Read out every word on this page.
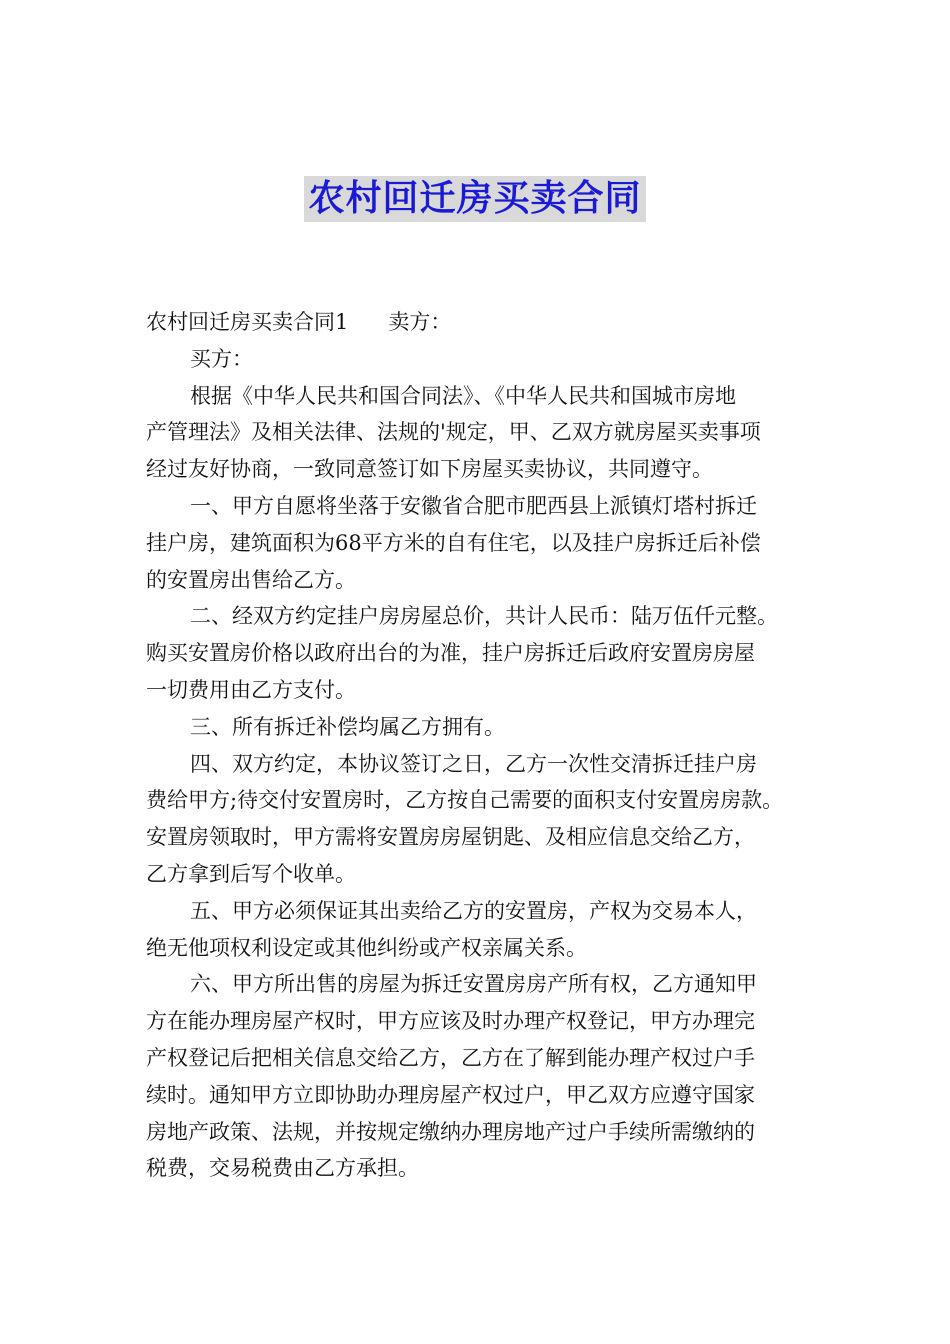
农村回迁房买卖合同
农村回迁房买卖合同1 卖方：
买方：
根据《中华人民共和国合同法》、《中华人民共和国城市房地
产管理法》及相关法律、法规的'规定，甲、乙双方就房屋买卖事项
经过友好协商，一致同意签订如下房屋买卖协议，共同遵守。
一、甲方自愿将坐落于安徽省合肥市肥西县上派镇灯塔村拆迁
挂户房，建筑面积为68平方米的自有住宅，以及挂户房拆迁后补偿
的安置房出售给乙方。
二、经双方约定挂户房房屋总价，共计人民币：陆万伍仟元整。
购买安置房价格以政府出台的为准，挂户房拆迁后政府安置房房屋
一切费用由乙方支付。
三、所有拆迁补偿均属乙方拥有。
四、双方约定，本协议签订之日，乙方一次性交清拆迁挂户房
费给甲方;待交付安置房时，乙方按自己需要的面积支付安置房房款。
安置房领取时，甲方需将安置房房屋钥匙、及相应信息交给乙方，
乙方拿到后写个收单。
五、甲方必须保证其出卖给乙方的安置房，产权为交易本人，
绝无他项权利设定或其他纠纷或产权亲属关系。
六、甲方所出售的房屋为拆迁安置房房产所有权，乙方通知甲
方在能办理房屋产权时，甲方应该及时办理产权登记，甲方办理完
产权登记后把相关信息交给乙方，乙方在了解到能办理产权过户手
续时。通知甲方立即协助办理房屋产权过户，甲乙双方应遵守国家
房地产政策、法规，并按规定缴纳办理房地产过户手续所需缴纳的
税费，交易税费由乙方承担。
